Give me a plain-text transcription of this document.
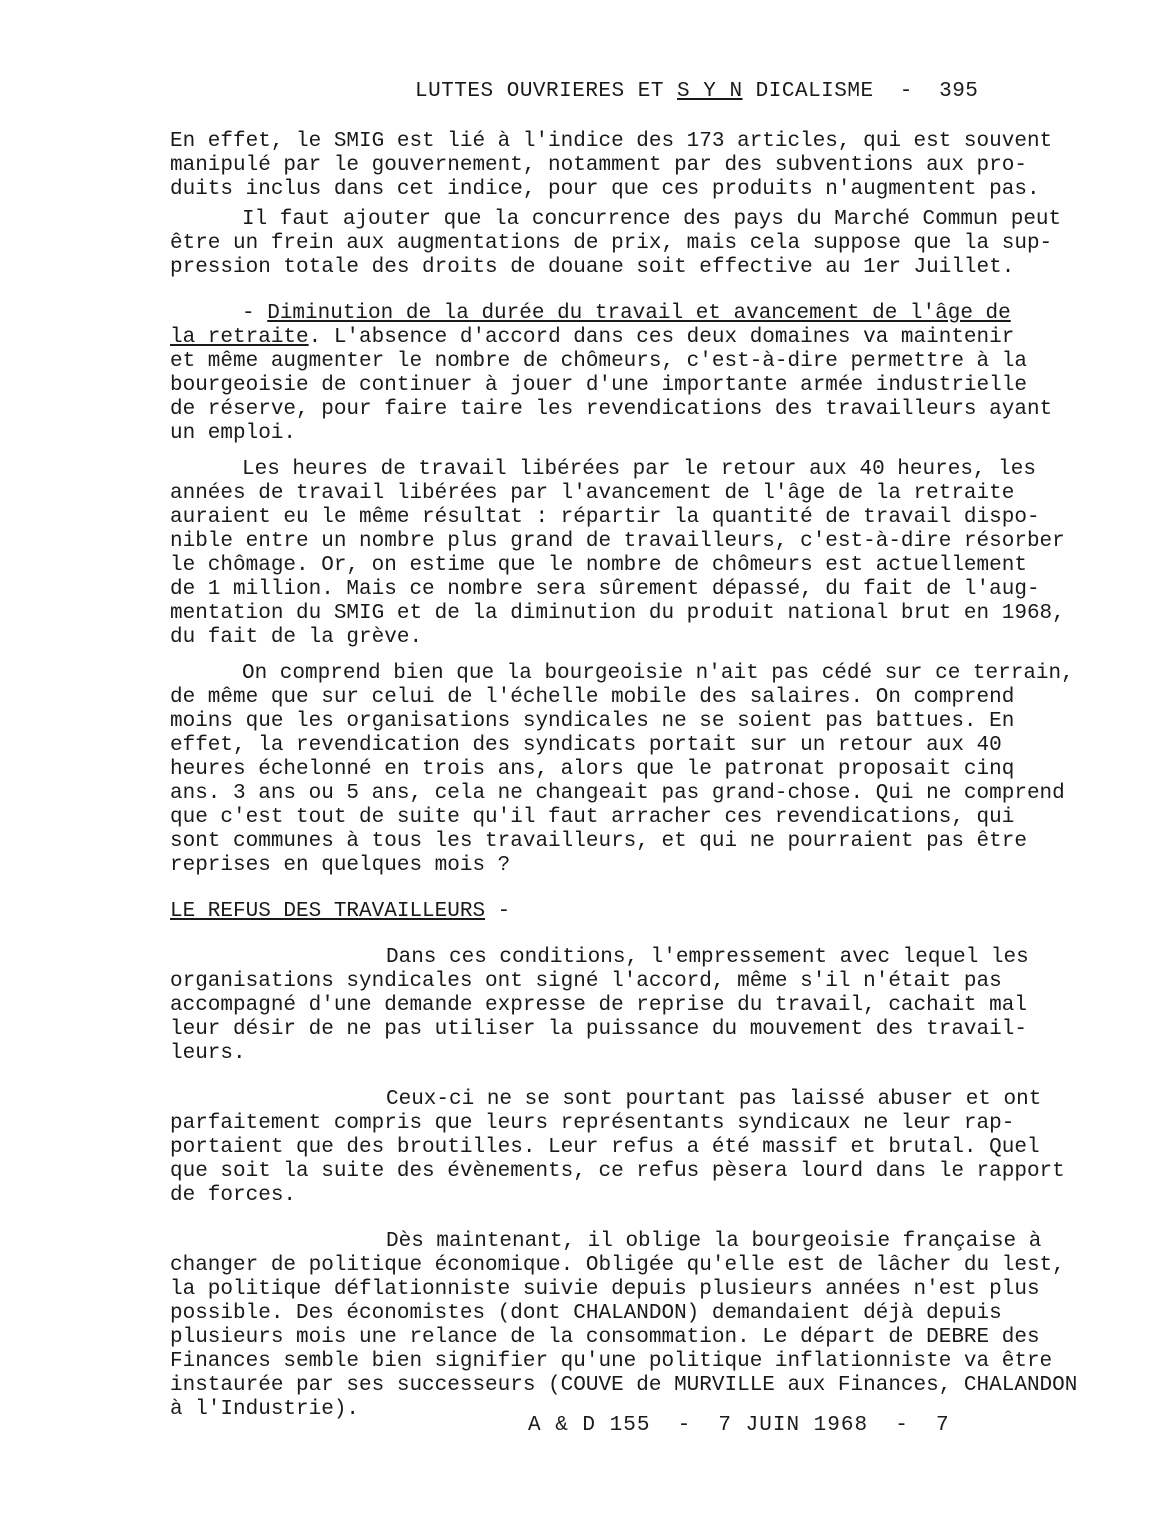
LUTTES OUVRIERES ET S Y N DICALISME  -  395
En effet, le SMIG est lié à l'indice des 173 articles, qui est souvent
manipulé par le gouvernement, notamment par des subventions aux pro-
duits inclus dans cet indice, pour que ces produits n'augmentent pas.
Il faut ajouter que la concurrence des pays du Marché Commun peut
être un frein aux augmentations de prix, mais cela suppose que la sup-
pression totale des droits de douane soit effective au 1er Juillet.
- Diminution de la durée du travail et avancement de l'âge de
la retraite. L'absence d'accord dans ces deux domaines va maintenir
et même augmenter le nombre de chômeurs, c'est-à-dire permettre à la
bourgeoisie de continuer à jouer d'une importante armée industrielle
de réserve, pour faire taire les revendications des travailleurs ayant
un emploi.
Les heures de travail libérées par le retour aux 40 heures, les
années de travail libérées par l'avancement de l'âge de la retraite
auraient eu le même résultat : répartir la quantité de travail dispo-
nible entre un nombre plus grand de travailleurs, c'est-à-dire résorber
le chômage. Or, on estime que le nombre de chômeurs est actuellement
de 1 million. Mais ce nombre sera sûrement dépassé, du fait de l'aug-
mentation du SMIG et de la diminution du produit national brut en 1968,
du fait de la grève.
On comprend bien que la bourgeoisie n'ait pas cédé sur ce terrain,
de même que sur celui de l'échelle mobile des salaires. On comprend
moins que les organisations syndicales ne se soient pas battues. En
effet, la revendication des syndicats portait sur un retour aux 40
heures échelonné en trois ans, alors que le patronat proposait cinq
ans. 3 ans ou 5 ans, cela ne changeait pas grand-chose. Qui ne comprend
que c'est tout de suite qu'il faut arracher ces revendications, qui
sont communes à tous les travailleurs, et qui ne pourraient pas être
reprises en quelques mois ?
LE REFUS DES TRAVAILLEURS -
Dans ces conditions, l'empressement avec lequel les
organisations syndicales ont signé l'accord, même s'il n'était pas
accompagné d'une demande expresse de reprise du travail, cachait mal
leur désir de ne pas utiliser la puissance du mouvement des travail-
leurs.
Ceux-ci ne se sont pourtant pas laissé abuser et ont
parfaitement compris que leurs représentants syndicaux ne leur rap-
portaient que des broutilles. Leur refus a été massif et brutal. Quel
que soit la suite des évènements, ce refus pèsera lourd dans le rapport
de forces.
Dès maintenant, il oblige la bourgeoisie française à
changer de politique économique. Obligée qu'elle est de lâcher du lest,
la politique déflationniste suivie depuis plusieurs années n'est plus
possible. Des économistes (dont CHALANDON) demandaient déjà depuis
plusieurs mois une relance de la consommation. Le départ de DEBRE des
Finances semble bien signifier qu'une politique inflationniste va être
instaurée par ses successeurs (COUVE de MURVILLE aux Finances, CHALANDON
à l'Industrie).
A & D 155  -  7 JUIN 1968  -  7
